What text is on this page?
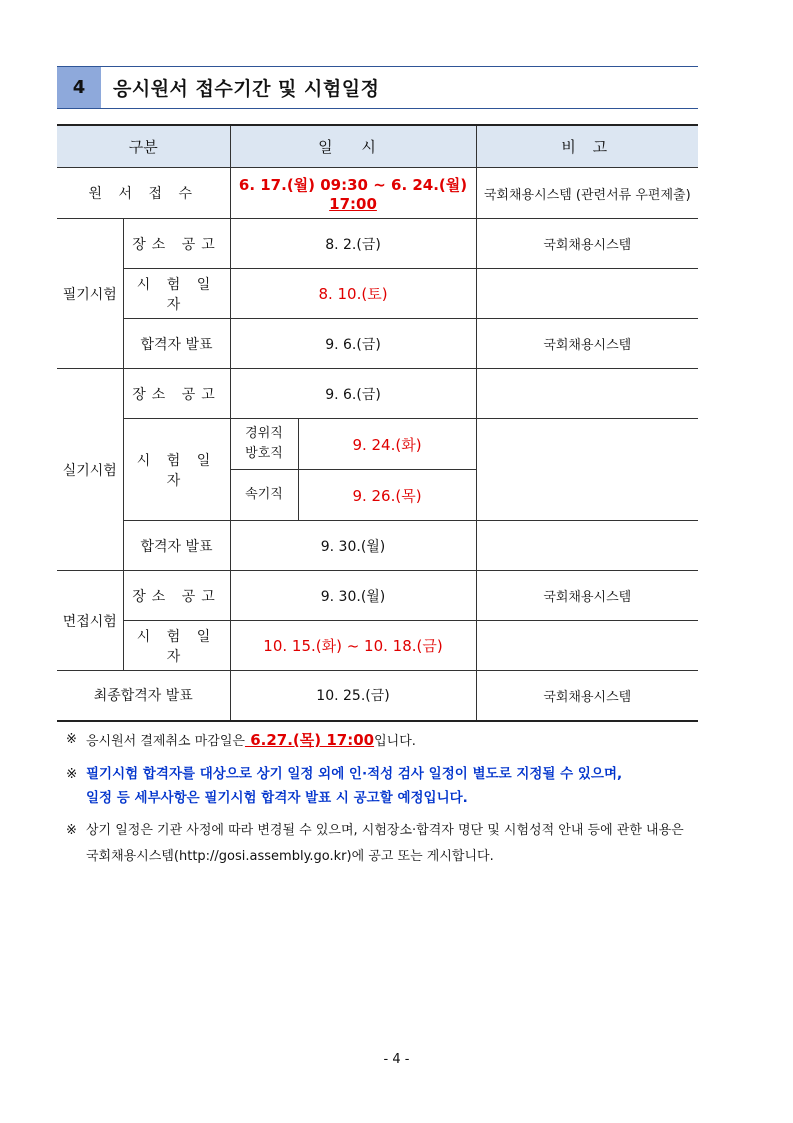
4	응시원서 접수기간 및 시험일정
구분		일 시		비 고
원 서 접 수		6. 17.(월) 09:30 ~ 6. 24.(월) 17:00		국회채용시스템 (관련서류 우편제출)
필기시험	장소 공고	8. 2.(금)		국회채용시스템
	시 험 일 자	8. 10.(토)		
	합격자 발표	9. 6.(금)		국회채용시스템
실기시험	장소 공고	9. 6.(금)		
	시 험 일 자	경위직
방호직	9. 24.(화)	
		속기직	9. 26.(목)	
	합격자 발표	9. 30.(월)		
면접시험	장소 공고	9. 30.(월)		국회채용시스템
	시 험 일 자	10. 15.(화) ~ 10. 18.(금)		
최종합격자 발표		10. 25.(금)		국회채용시스템
※ 응시원서 결제취소 마감일은 6.27.(목) 17:00입니다.
※ 필기시험 합격자를 대상으로 상기 일정 외에 인·적성 검사 일정이 별도로 지정될 수 있으며,
일정 등 세부사항은 필기시험 합격자 발표 시 공고할 예정입니다.
※ 상기 일정은 기관 사정에 따라 변경될 수 있으며, 시험장소·합격자 명단 및 시험성적 안내 등에 관한 내용은
국회채용시스템(http://gosi.assembly.go.kr)에 공고 또는 게시합니다.
- 4 -
